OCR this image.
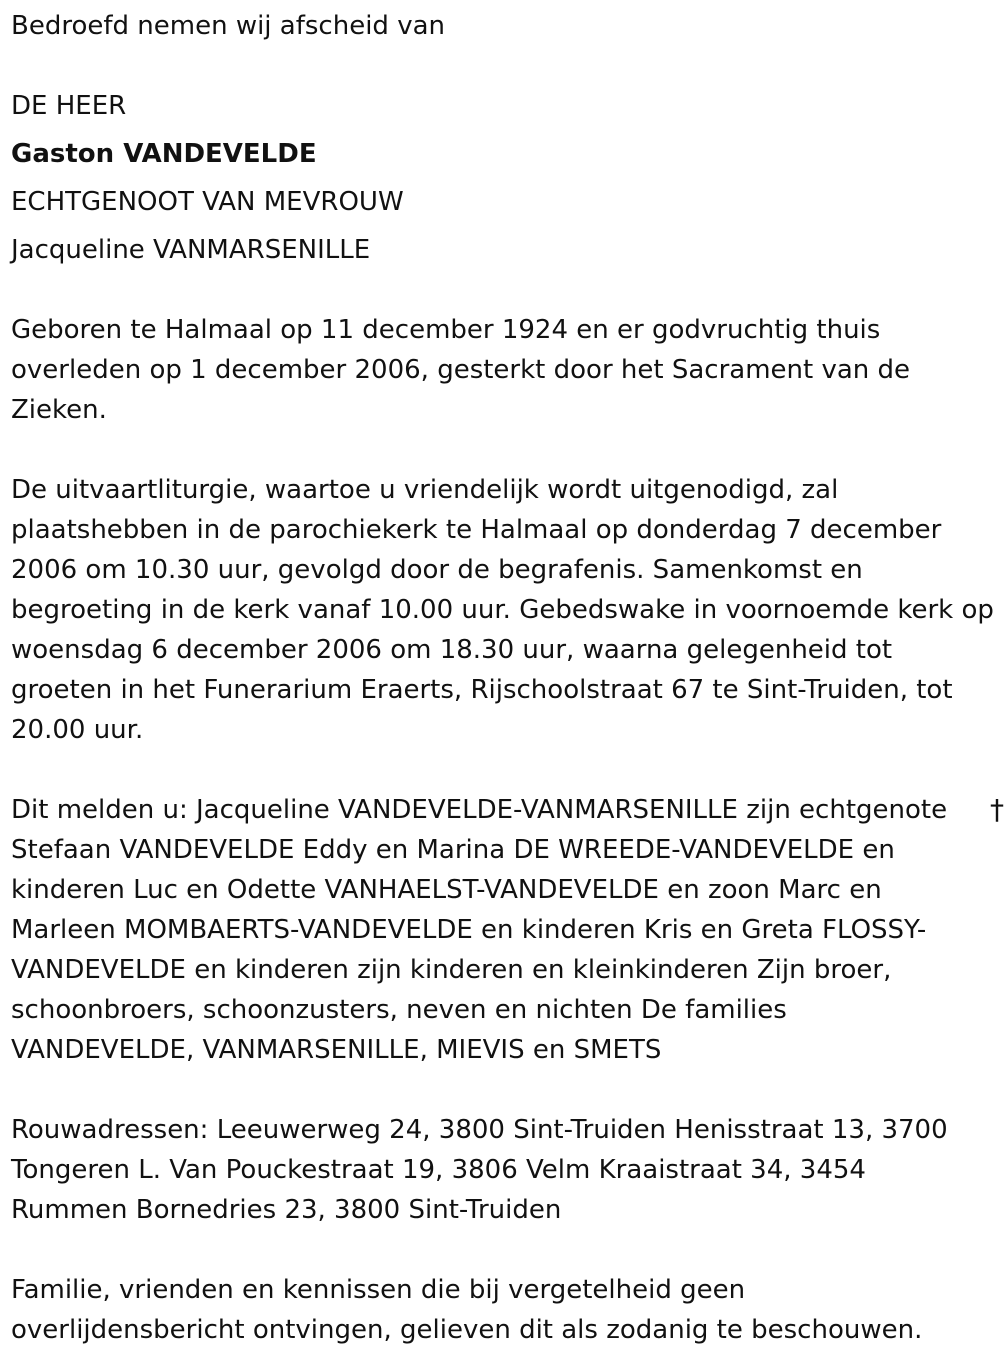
Bedroefd nemen wij afscheid van

DE HEER

Gaston VANDEVELDE

ECHTGENOOT VAN MEVROUW

Jacqueline VANMARSENILLE

Geboren te Halmaal op 11 december 1924 en er godvruchtig thuis overleden op 1 december 2006, gesterkt door het Sacrament van de Zieken.

De uitvaartliturgie, waartoe u vriendelijk wordt uitgenodigd, zal plaatshebben in de parochiekerk te Halmaal op donderdag 7 december 2006 om 10.30 uur, gevolgd door de begrafenis. Samenkomst en begroeting in de kerk vanaf 10.00 uur. Gebedswake in voornoemde kerk op woensdag 6 december 2006 om 18.30 uur, waarna gelegenheid tot groeten in het Funerarium Eraerts, Rijschoolstraat 67 te Sint-Truiden, tot 20.00 uur.

Dit melden u: Jacqueline VANDEVELDE-VANMARSENILLE zijn echtgenote Stefaan VANDEVELDE Eddy en Marina DE WREEDE-VANDEVELDE en kinderen Luc en Odette VANHAELST-VANDEVELDE en zoon Marc en Marleen MOMBAERTS-VANDEVELDE en kinderen Kris en Greta FLOSSY-VANDEVELDE en kinderen zijn kinderen en kleinkinderen Zijn broer, schoonbroers, schoonzusters, neven en nichten De families VANDEVELDE, VANMARSENILLE, MIEVIS en SMETS

†

Rouwadressen: Leeuwerweg 24, 3800 Sint-Truiden Henisstraat 13, 3700 Tongeren L. Van Pouckestraat 19, 3806 Velm Kraaistraat 34, 3454 Rummen Bornedries 23, 3800 Sint-Truiden

Familie, vrienden en kennissen die bij vergetelheid geen overlijdensbericht ontvingen, gelieven dit als zodanig te beschouwen.
